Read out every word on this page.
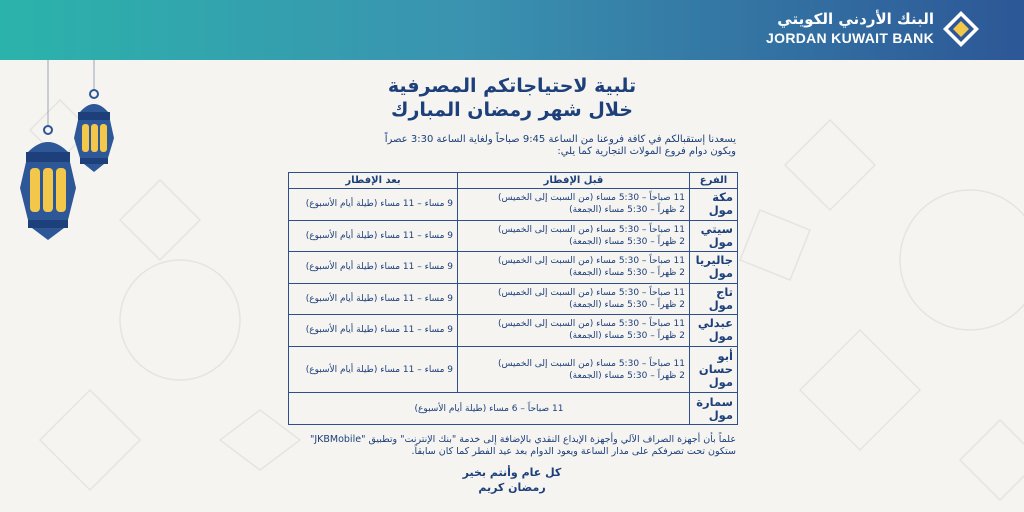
البنك الأردني الكويتي
JORDAN KUWAIT BANK
تلبية لاحتياجاتكم المصرفية
خلال شهر رمضان المبارك
يسعدنا إستقبالكم في كافة فروعنا من الساعة 9:45 صباحاً ولغاية الساعة 3:30 عصراً
ويكون دوام فروع المولات التجارية كما يلي:
الفرع	قبل الإفطار	بعد الإفطار
مكة مول	11 صباحاً – 5:30 مساء (من السبت إلى الخميس)
2 ظهراً – 5:30 مساء (الجمعة)	9 مساء – 11 مساء (طيلة أيام الأسبوع)
سيتي مول	11 صباحاً – 5:30 مساء (من السبت إلى الخميس)
2 ظهراً – 5:30 مساء (الجمعة)	9 مساء – 11 مساء (طيلة أيام الأسبوع)
جاليريا مول	11 صباحاً – 5:30 مساء (من السبت إلى الخميس)
2 ظهراً – 5:30 مساء (الجمعة)	9 مساء – 11 مساء (طيلة أيام الأسبوع)
تاج مول	11 صباحاً – 5:30 مساء (من السبت إلى الخميس)
2 ظهراً – 5:30 مساء (الجمعة)	9 مساء – 11 مساء (طيلة أيام الأسبوع)
عبدلي مول	11 صباحاً – 5:30 مساء (من السبت إلى الخميس)
2 ظهراً – 5:30 مساء (الجمعة)	9 مساء – 11 مساء (طيلة أيام الأسبوع)
أبو حسان مول	11 صباحاً – 5:30 مساء (من السبت إلى الخميس)
2 ظهراً – 5:30 مساء (الجمعة)	9 مساء – 11 مساء (طيلة أيام الأسبوع)
سمارة مول	11 صباحاً – 6 مساء (طيلة أيام الأسبوع)	
علماً بأن أجهزة الصراف الآلي وأجهزة الإيداع النقدي بالإضافة إلى خدمة "بنك الإنترنت" وتطبيق "JKBMobile"
ستكون تحت تصرفكم على مدار الساعة ويعود الدوام بعد عيد الفطر كما كان سابقاً.
كل عام وأنتم بخير
رمضان كريم
